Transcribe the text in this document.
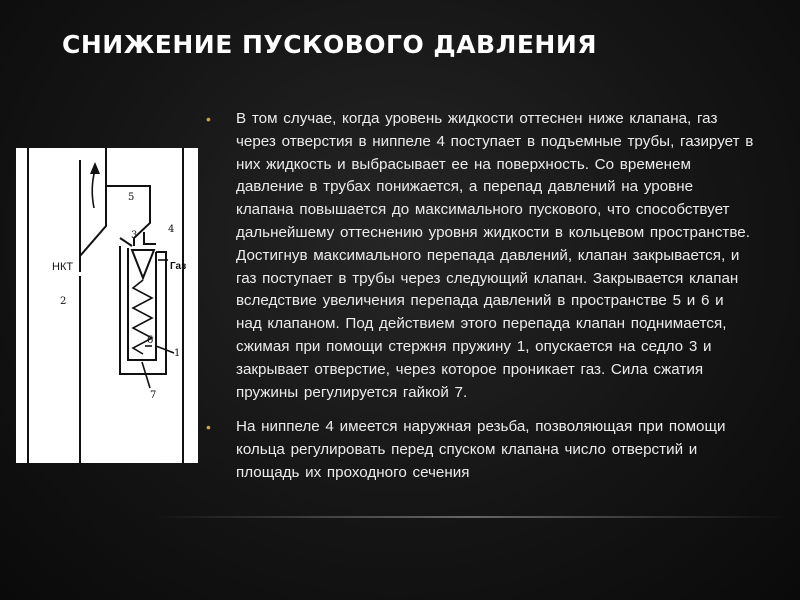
СНИЖЕНИЕ ПУСКОВОГО ДАВЛЕНИЯ
НКТ
2
5
4
3
Газ
6
1
7
• В том случае, когда уровень жидкости оттеснен ниже клапана, газ через отверстия в ниппеле 4 поступает в подъемные трубы, газирует в них жидкость и выбрасывает ее на поверхность. Со временем давление в трубах понижается, а перепад давлений на уровне клапана повышается до максимального пускового, что способствует дальнейшему оттеснению уровня жидкости в кольцевом пространстве. Достигнув максимального перепада давлений, клапан закрывается, и газ поступает в трубы через следующий клапан. Закрывается клапан вследствие увеличения перепада давлений в пространстве 5 и 6 и над клапаном. Под действием этого перепада клапан поднимается, сжимая при помощи стержня пружину 1, опускается на седло 3 и закрывает отверстие, через которое проникает газ. Сила сжатия пружины регулируется гайкой 7.
• На ниппеле 4 имеется наружная резьба, позволяющая при помощи кольца регулировать перед спуском клапана число отверстий и площадь их проходного сечения
